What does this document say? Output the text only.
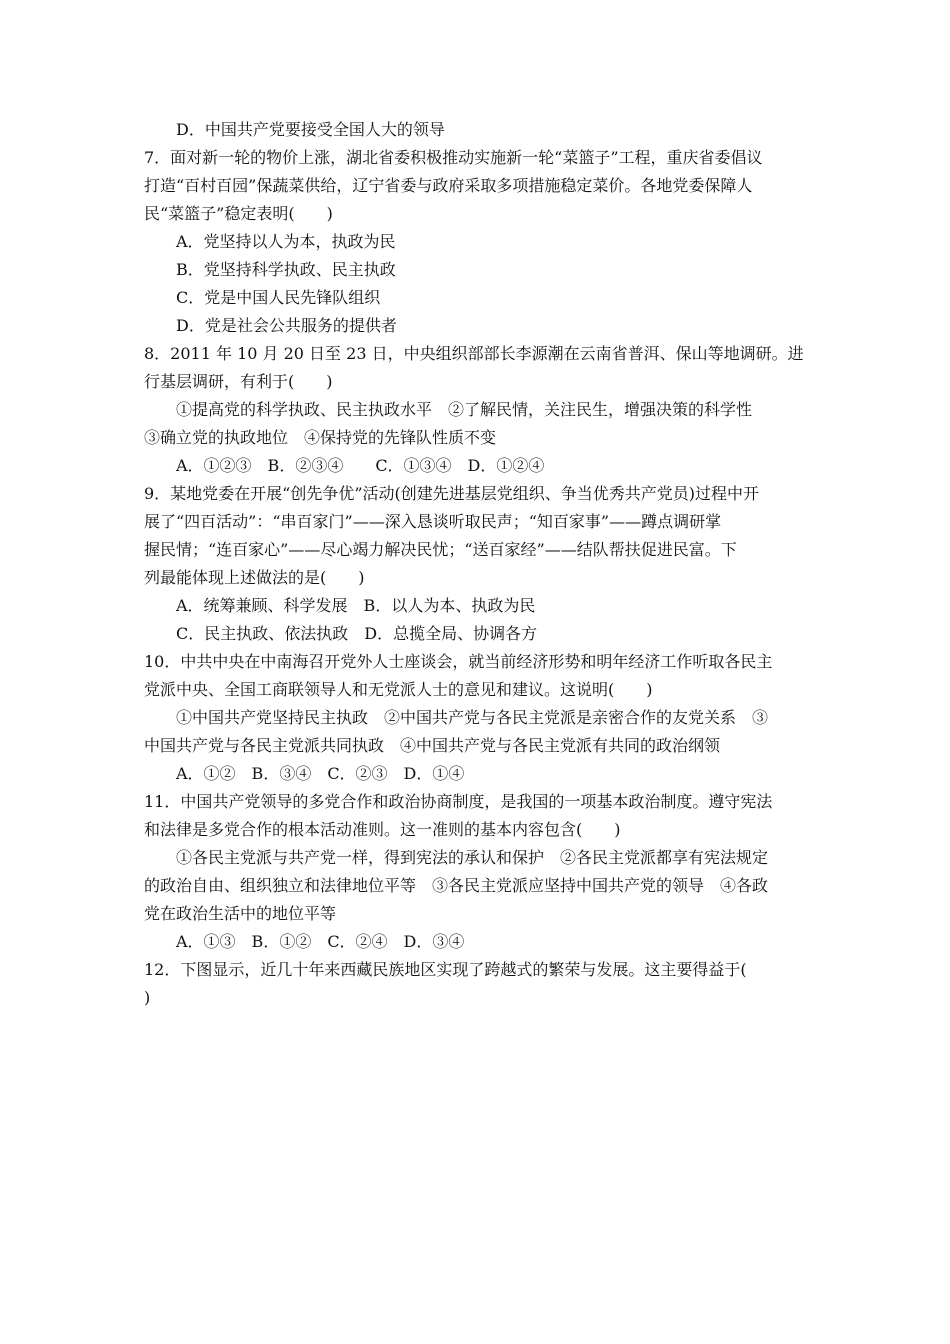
D．中国共产党要接受全国人大的领导
7．面对新一轮的物价上涨，湖北省委积极推动实施新一轮“菜篮子”工程，重庆省委倡议
打造“百村百园”保蔬菜供给，辽宁省委与政府采取多项措施稳定菜价。各地党委保障人
民“菜篮子”稳定表明(　　)
A．党坚持以人为本，执政为民
B．党坚持科学执政、民主执政
C．党是中国人民先锋队组织
D．党是社会公共服务的提供者
8．2011 年 10 月 20 日至 23 日，中央组织部部长李源潮在云南省普洱、保山等地调研。进
行基层调研，有利于(　　)
①提高党的科学执政、民主执政水平　②了解民情，关注民生，增强决策的科学性
③确立党的执政地位　④保持党的先锋队性质不变
A．①②③　B．②③④　　C．①③④　D．①②④
9．某地党委在开展“创先争优”活动(创建先进基层党组织、争当优秀共产党员)过程中开
展了“四百活动”：“串百家门”——深入恳谈听取民声；“知百家事”——蹲点调研掌
握民情；“连百家心”——尽心竭力解决民忧；“送百家经”——结队帮扶促进民富。下
列最能体现上述做法的是(　　)
A．统筹兼顾、科学发展　B．以人为本、执政为民
C．民主执政、依法执政　D．总揽全局、协调各方
10．中共中央在中南海召开党外人士座谈会，就当前经济形势和明年经济工作听取各民主
党派中央、全国工商联领导人和无党派人士的意见和建议。这说明(　　)
①中国共产党坚持民主执政　②中国共产党与各民主党派是亲密合作的友党关系　③
中国共产党与各民主党派共同执政　④中国共产党与各民主党派有共同的政治纲领
A．①②　B．③④　C．②③　D．①④
11．中国共产党领导的多党合作和政治协商制度，是我国的一项基本政治制度。遵守宪法
和法律是多党合作的根本活动准则。这一准则的基本内容包含(　　)
①各民主党派与共产党一样，得到宪法的承认和保护　②各民主党派都享有宪法规定
的政治自由、组织独立和法律地位平等　③各民主党派应坚持中国共产党的领导　④各政
党在政治生活中的地位平等
A．①③　B．①②　C．②④　D．③④
12．下图显示，近几十年来西藏民族地区实现了跨越式的繁荣与发展。这主要得益于(
)
